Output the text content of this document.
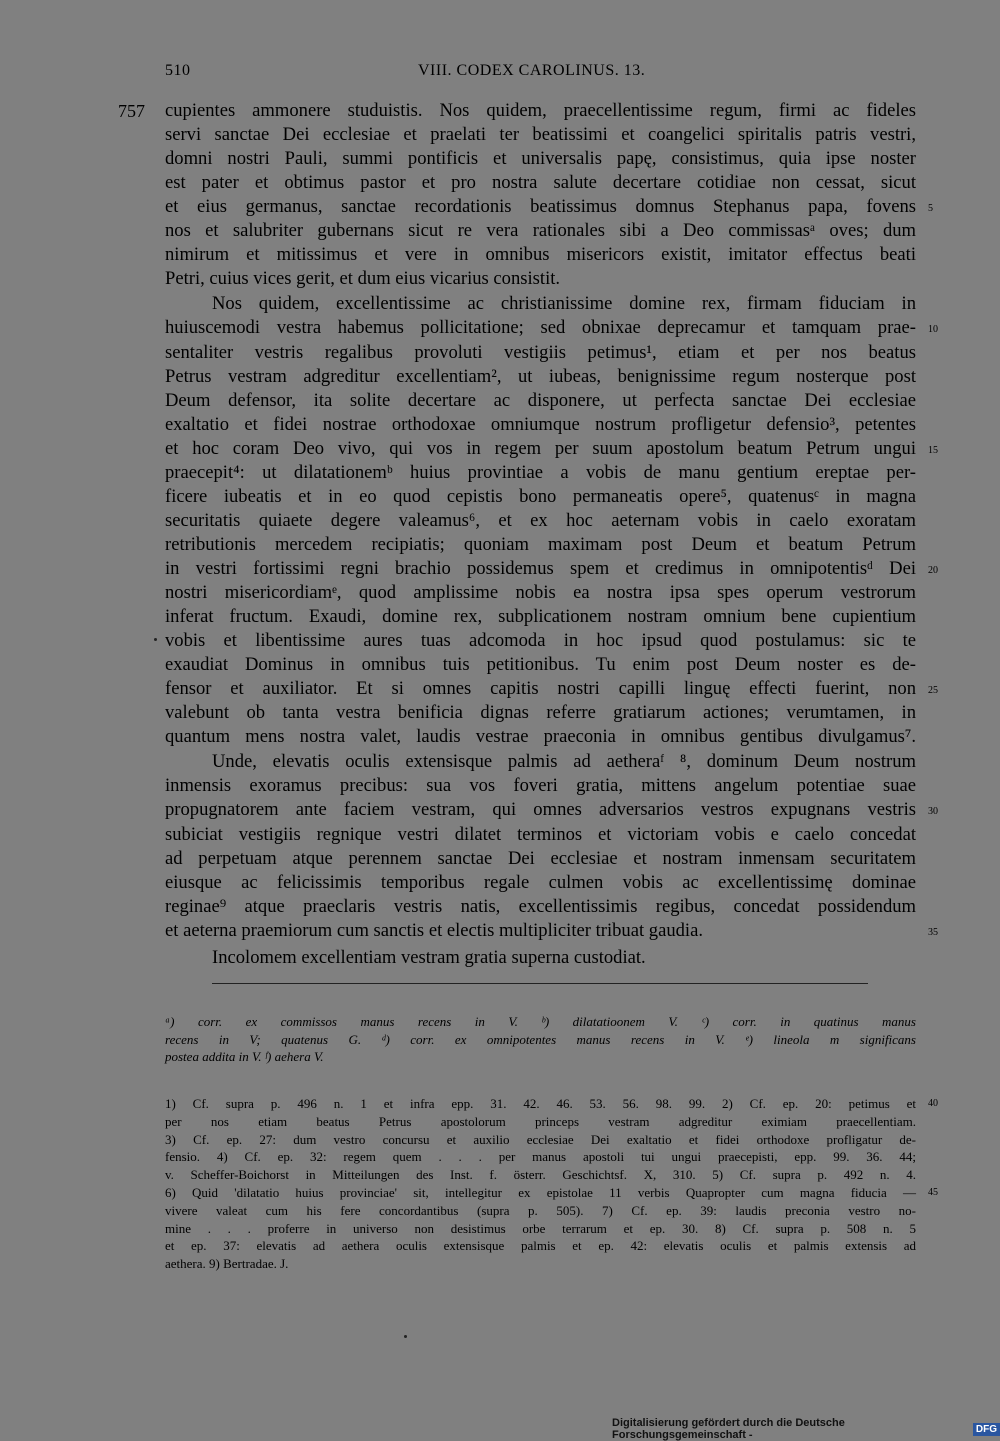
510	VIII. CODEX CAROLINUS. 13.
757 cupientes ammonere studuistis. Nos quidem, praecellentissime regum, firmi ac fideles
servi sanctae Dei ecclesiae et praelati ter beatissimi et coangelici spiritalis patris vestri,
domni nostri Pauli, summi pontificis et universalis papę, consistimus, quia ipse noster
est pater et obtimus pastor et pro nostra salute decertare cotidiae non cessat, sicut
et eius germanus, sanctae recordationis beatissimus domnus Stephanus papa, fovens
nos et salubriter gubernans sicut re vera rationales sibi a Deo commissasᵃ oves; dum
nimirum et mitissimus et vere in omnibus misericors existit, imitator effectus beati
Petri, cuius vices gerit, et dum eius vicarius consistit.
Nos quidem, excellentissime ac christianissime domine rex, firmam fiduciam in
huiuscemodi vestra habemus pollicitatione; sed obnixae deprecamur et tamquam prae-
sentaliter vestris regalibus provoluti vestigiis petimus¹, etiam et per nos beatus
Petrus vestram adgreditur excellentiam², ut iubeas, benignissime regum nosterque post
Deum defensor, ita solite decertare ac disponere, ut perfecta sanctae Dei ecclesiae
exaltatio et fidei nostrae orthodoxae omniumque nostrum profligetur defensio³, petentes
et hoc coram Deo vivo, qui vos in regem per suum apostolum beatum Petrum ungui
praecepit⁴: ut dilatationemᵇ huius provintiae a vobis de manu gentium ereptae per-
ficere iubeatis et in eo quod cepistis bono permaneatis opere⁵, quatenusᶜ in magna
securitatis quiaete degere valeamus⁶, et ex hoc aeternam vobis in caelo exoratam
retributionis mercedem recipiatis; quoniam maximam post Deum et beatum Petrum
in vestri fortissimi regni brachio possidemus spem et credimus in omnipotentisᵈ Dei
nostri misericordiamᵉ, quod amplissime nobis ea nostra ipsa spes operum vestrorum
inferat fructum. Exaudi, domine rex, subplicationem nostram omnium bene cupientium
vobis et libentissime aures tuas adcomoda in hoc ipsud quod postulamus: sic te
exaudiat Dominus in omnibus tuis petitionibus. Tu enim post Deum noster es de-
fensor et auxiliator. Et si omnes capitis nostri capilli linguę effecti fuerint, non
valebunt ob tanta vestra benificia dignas referre gratiarum actiones; verumtamen, in
quantum mens nostra valet, laudis vestrae praeconia in omnibus gentibus divulgamus⁷.
Unde, elevatis oculis extensisque palmis ad aetheraᶠ ⁸, dominum Deum nostrum
inmensis exoramus precibus: sua vos foveri gratia, mittens angelum potentiae suae
propugnatorem ante faciem vestram, qui omnes adversarios vestros expugnans vestris
subiciat vestigiis regnique vestri dilatet terminos et victoriam vobis e caelo concedat
ad perpetuam atque perennem sanctae Dei ecclesiae et nostram inmensam securitatem
eiusque ac felicissimis temporibus regale culmen vobis ac excellentissimę dominae
reginae⁹ atque praeclaris vestris natis, excellentissimis regibus, concedat possidendum
et aeterna praemiorum cum sanctis et electis multipliciter tribuat gaudia.
Incolomem excellentiam vestram gratia superna custodiat.
5
10
15
20
25
30
35
ᵃ) corr. ex commissos manus recens in V. ᵇ) dilatatioonem V. ᶜ) corr. in quatinus manus
recens in V; quatenus G. ᵈ) corr. ex omnipotentes manus recens in V. ᵉ) lineola m significans
postea addita in V. ᶠ) aehera V.
1) Cf. supra p. 496 n. 1 et infra epp. 31. 42. 46. 53. 56. 98. 99. 2) Cf. ep. 20: petimus et
per nos etiam beatus Petrus apostolorum princeps vestram adgreditur eximiam praecellentiam.
3) Cf. ep. 27: dum vestro concursu et auxilio ecclesiae Dei exaltatio et fidei orthodoxe profligatur de-
fensio. 4) Cf. ep. 32: regem quem . . . per manus apostoli tui ungui praecepisti, epp. 99. 36. 44;
v. Scheffer-Boichorst in Mitteilungen des Inst. f. österr. Geschichtsf. X, 310. 5) Cf. supra p. 492 n. 4.
6) Quid 'dilatatio huius provinciae' sit, intellegitur ex epistolae 11 verbis Quapropter cum magna fiducia —
vivere valeat cum his fere concordantibus (supra p. 505). 7) Cf. ep. 39: laudis preconia vestro no-
mine . . . proferre in universo non desistimus orbe terrarum et ep. 30. 8) Cf. supra p. 508 n. 5
et ep. 37: elevatis ad aethera oculis extensisque palmis et ep. 42: elevatis oculis et palmis extensis ad
aethera. 9) Bertradae. J.
40
45
Digitalisierung gefördert durch die Deutsche Forschungsgemeinschaft -	DFG
